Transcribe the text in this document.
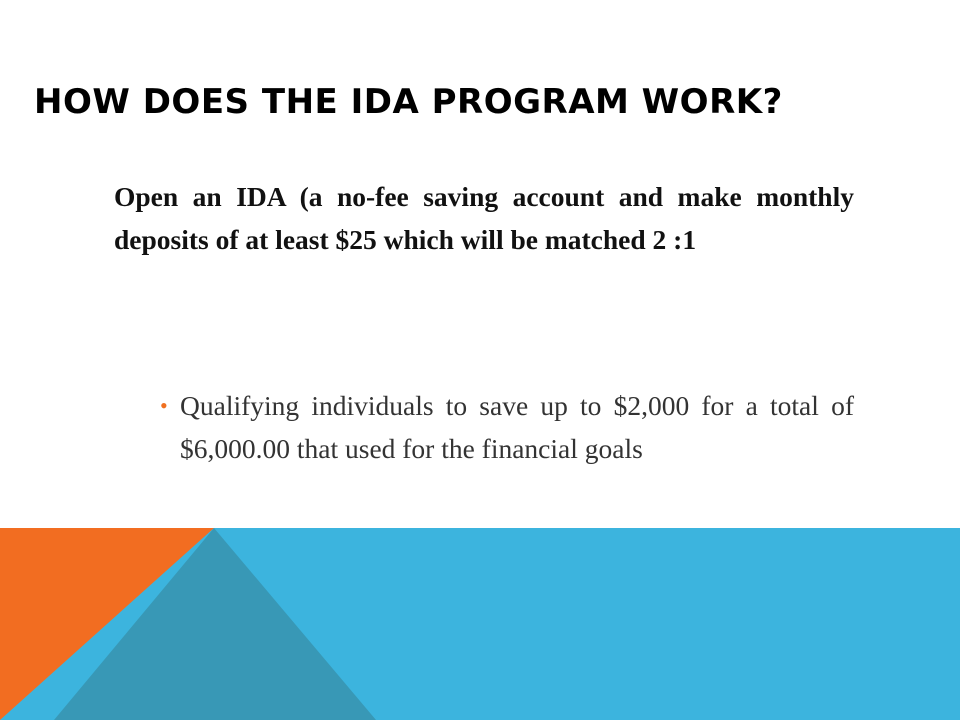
HOW DOES THE IDA PROGRAM WORK?

Open an IDA (a no-fee saving account and make monthly deposits of at least $25 which will be matched 2 :1

• Qualifying individuals to save up to $2,000 for a total of $6,000.00 that used for the financial goals
